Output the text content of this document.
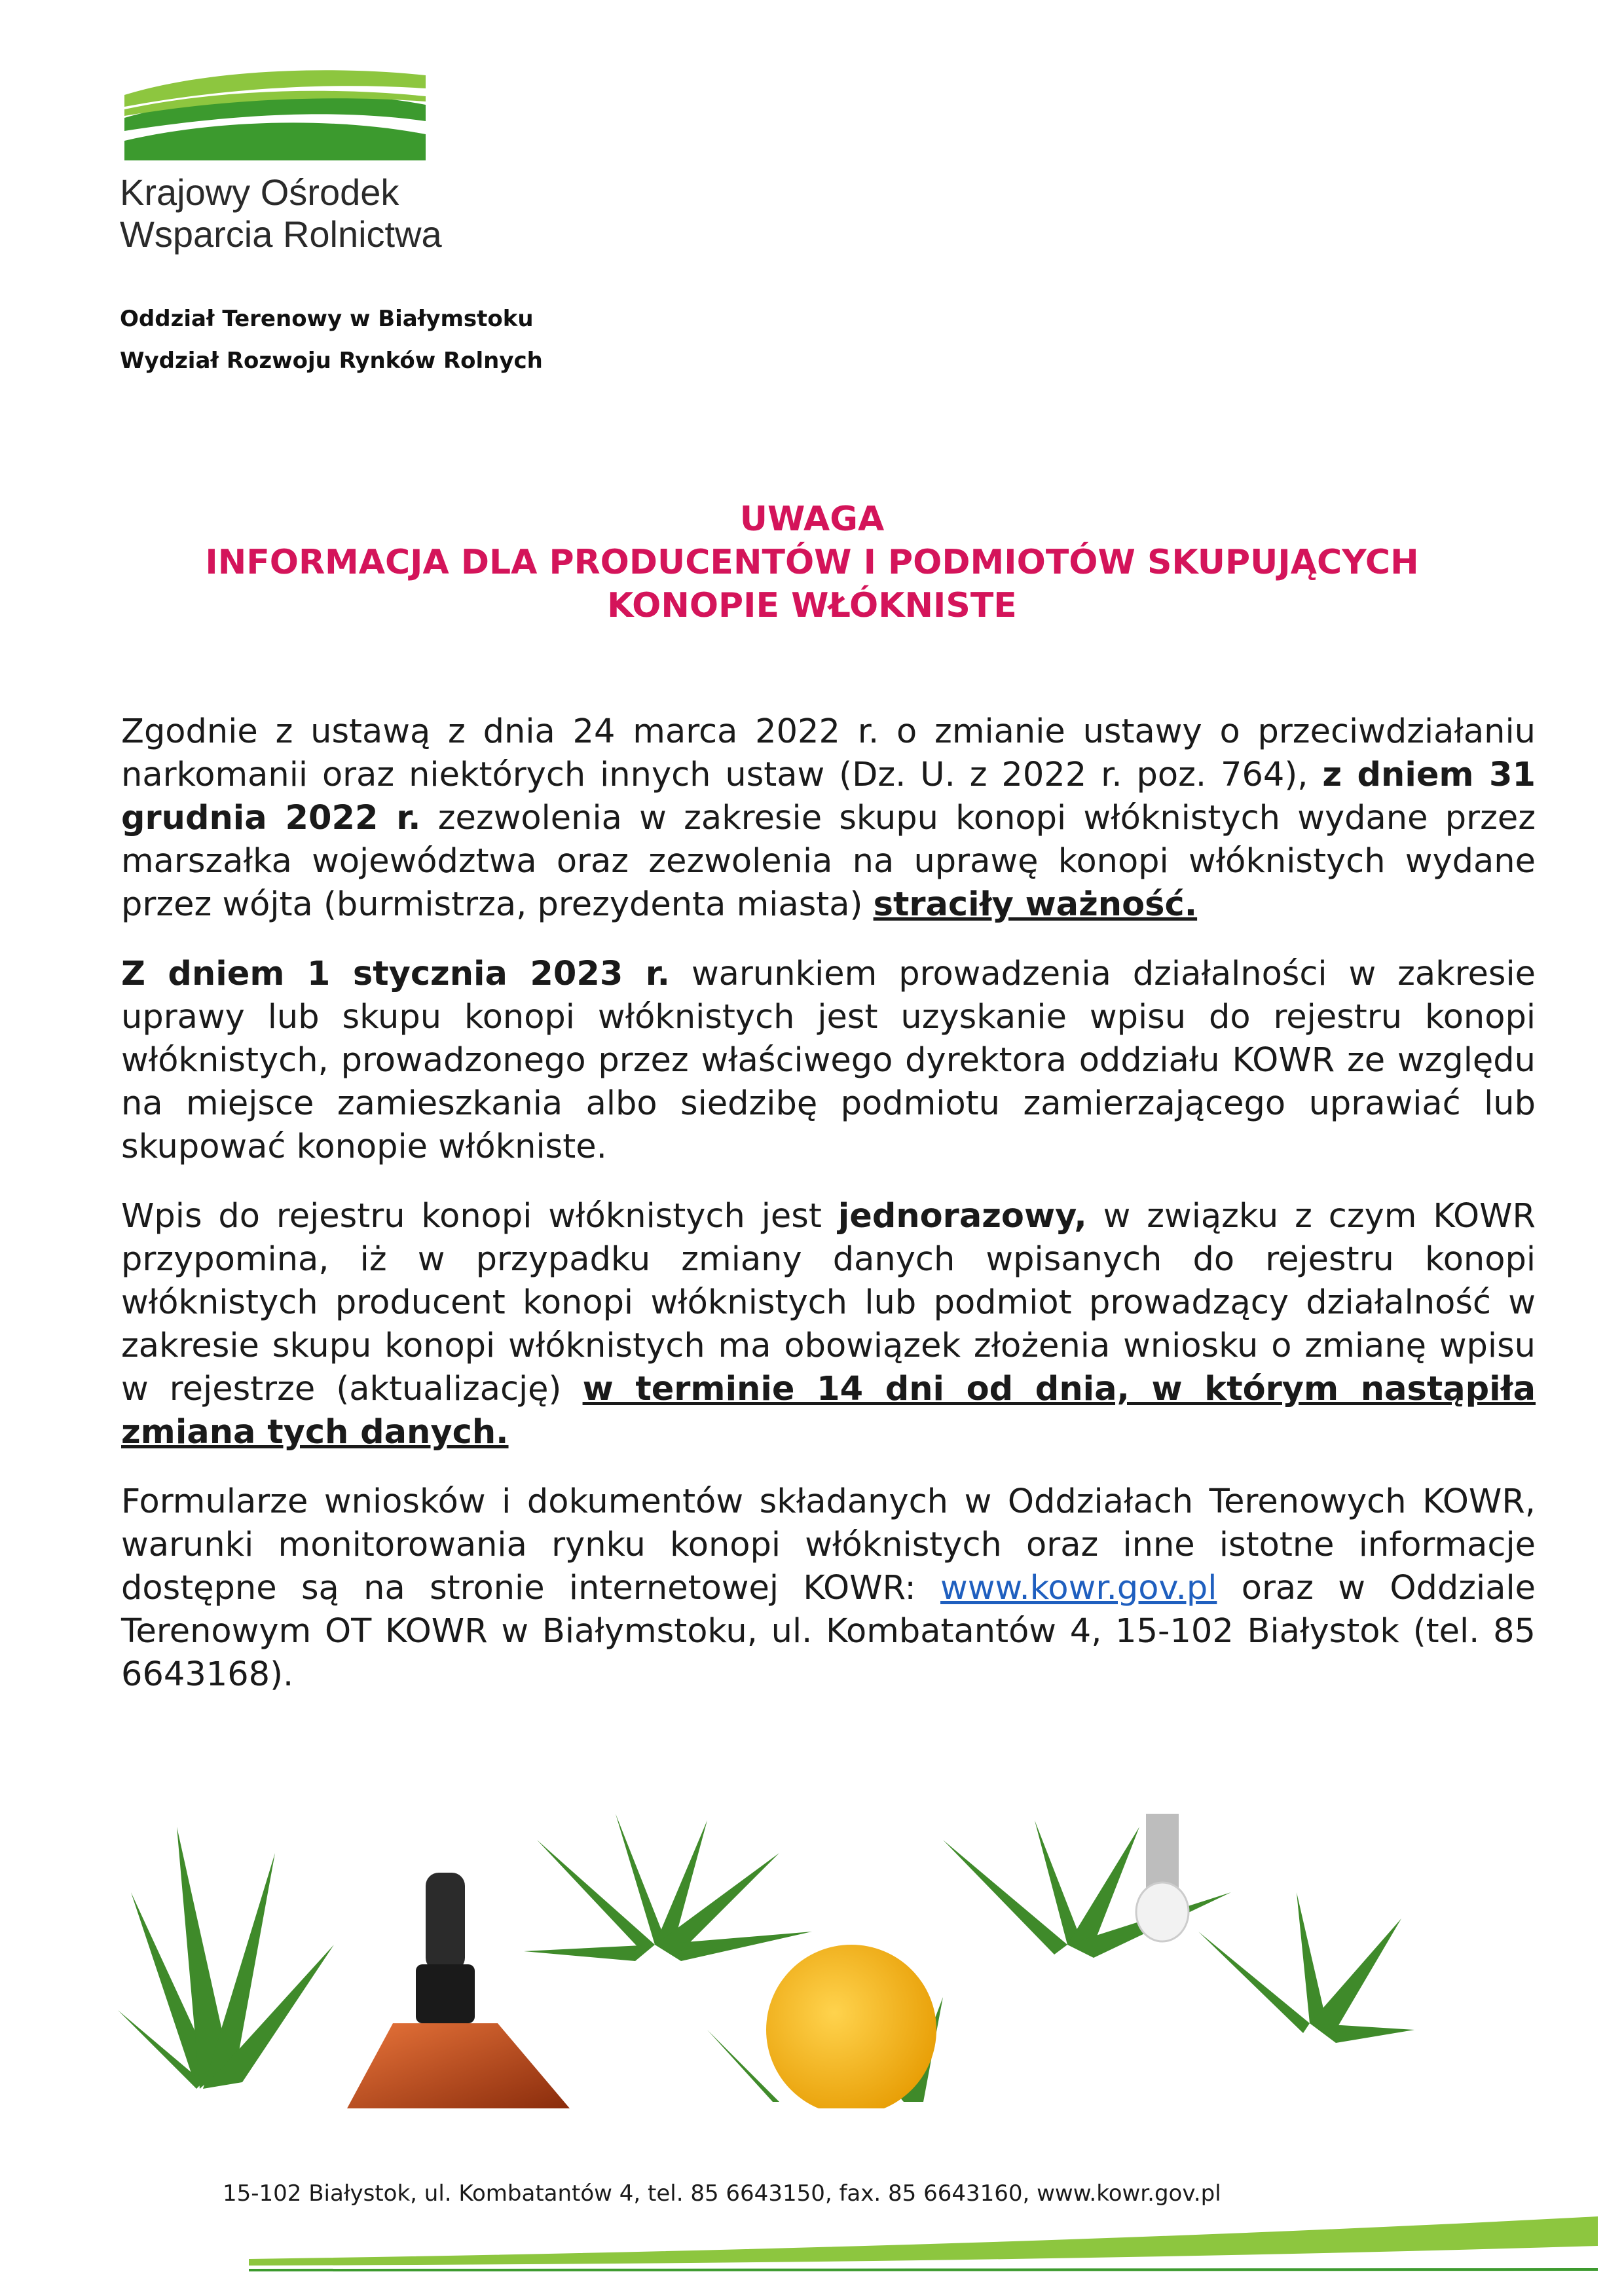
Krajowy Ośrodek
Wsparcia Rolnictwa
Oddział Terenowy w Białymstoku
Wydział Rozwoju Rynków Rolnych
UWAGA
INFORMACJA DLA PRODUCENTÓW I PODMIOTÓW SKUPUJĄCYCH
KONOPIE WŁÓKNISTE

Zgodnie z ustawą z dnia 24 marca 2022 r. o zmianie ustawy o przeciwdziałaniu narkomanii oraz niektórych innych ustaw (Dz. U. z 2022 r. poz. 764), z dniem 31 grudnia 2022 r. zezwolenia w zakresie skupu konopi włóknistych wydane przez marszałka województwa oraz zezwolenia na uprawę konopi włóknistych wydane przez wójta (burmistrza, prezydenta miasta) straciły ważność.

Z dniem 1 stycznia 2023 r. warunkiem prowadzenia działalności w zakresie uprawy lub skupu konopi włóknistych jest uzyskanie wpisu do rejestru konopi włóknistych, prowadzonego przez właściwego dyrektora oddziału KOWR ze względu na miejsce zamieszkania albo siedzibę podmiotu zamierzającego uprawiać lub skupować konopie włókniste.

Wpis do rejestru konopi włóknistych jest jednorazowy, w związku z czym KOWR przypomina, iż w przypadku zmiany danych wpisanych do rejestru konopi włóknistych producent konopi włóknistych lub podmiot prowadzący działalność w zakresie skupu konopi włóknistych ma obowiązek złożenia wniosku o zmianę wpisu w rejestrze (aktualizację) w terminie 14 dni od dnia, w którym nastąpiła zmiana tych danych.

Formularze wniosków i dokumentów składanych w Oddziałach Terenowych KOWR, warunki monitorowania rynku konopi włóknistych oraz inne istotne informacje dostępne są na stronie internetowej KOWR: www.kowr.gov.pl oraz w Oddziale Terenowym OT KOWR w Białymstoku, ul. Kombatantów 4, 15-102 Białystok (tel. 85 6643168).

15-102 Białystok, ul. Kombatantów 4, tel. 85 6643150, fax. 85 6643160, www.kowr.gov.pl
